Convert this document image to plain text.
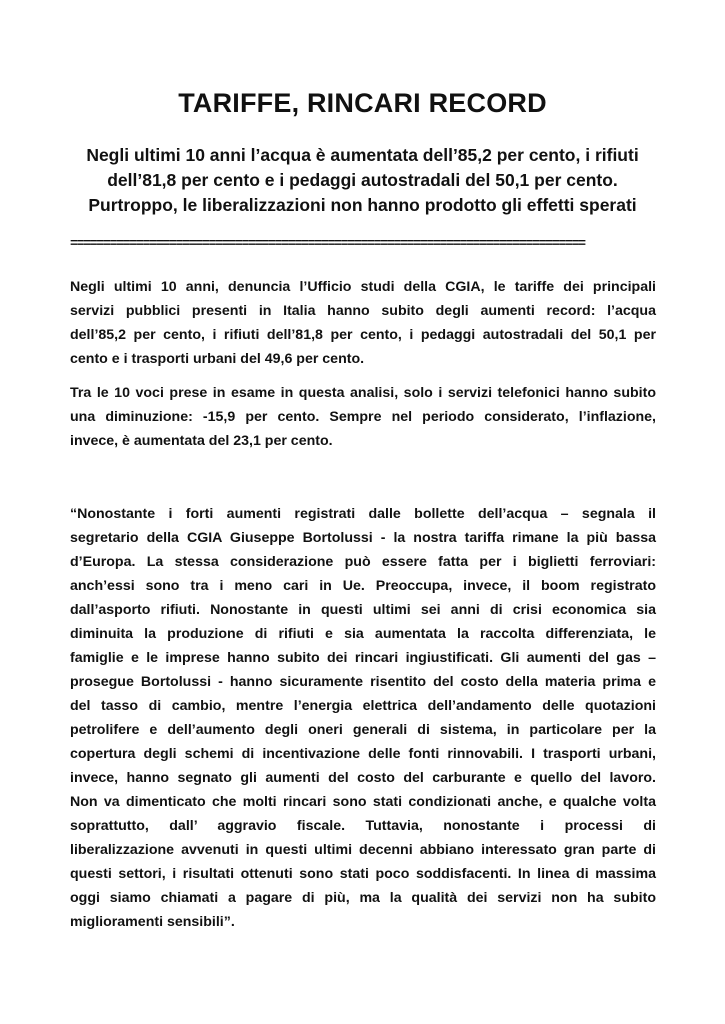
TARIFFE, RINCARI RECORD
Negli ultimi 10 anni l’acqua è aumentata dell’85,2 per cento, i rifiuti
dell’81,8 per cento e i pedaggi autostradali del 50,1 per cento.
Purtroppo, le liberalizzazioni non hanno prodotto gli effetti sperati
==============================================================================
Negli ultimi 10 anni, denuncia l’Ufficio studi della CGIA, le tariffe dei principali
servizi pubblici presenti in Italia hanno subito degli aumenti record: l’acqua
dell’85,2 per cento, i rifiuti dell’81,8 per cento, i pedaggi autostradali del 50,1 per
cento e i trasporti urbani del 49,6 per cento.
Tra le 10 voci prese in esame in questa analisi, solo i servizi telefonici hanno subito
una diminuzione: -15,9 per cento. Sempre nel periodo considerato, l’inflazione,
invece, è aumentata del 23,1 per cento.
“Nonostante i forti aumenti registrati dalle bollette dell’acqua – segnala il
segretario della CGIA Giuseppe Bortolussi - la nostra tariffa rimane la più bassa
d’Europa. La stessa considerazione può essere fatta per i biglietti ferroviari:
anch’essi sono tra i meno cari in Ue. Preoccupa, invece, il boom registrato
dall’asporto rifiuti. Nonostante in questi ultimi sei anni di crisi economica sia
diminuita la produzione di rifiuti e sia aumentata la raccolta differenziata, le
famiglie e le imprese hanno subito dei rincari ingiustificati. Gli aumenti del gas –
prosegue Bortolussi - hanno sicuramente risentito del costo della materia prima e
del tasso di cambio, mentre l’energia elettrica dell’andamento delle quotazioni
petrolifere e dell’aumento degli oneri generali di sistema, in particolare per la
copertura degli schemi di incentivazione delle fonti rinnovabili. I trasporti urbani,
invece, hanno segnato gli aumenti del costo del carburante e quello del lavoro.
Non va dimenticato che molti rincari sono stati condizionati anche, e qualche volta
soprattutto, dall’ aggravio fiscale. Tuttavia, nonostante i processi di
liberalizzazione avvenuti in questi ultimi decenni abbiano interessato gran parte di
questi settori, i risultati ottenuti sono stati poco soddisfacenti. In linea di massima
oggi siamo chiamati a pagare di più, ma la qualità dei servizi non ha subito
miglioramenti sensibili”.
